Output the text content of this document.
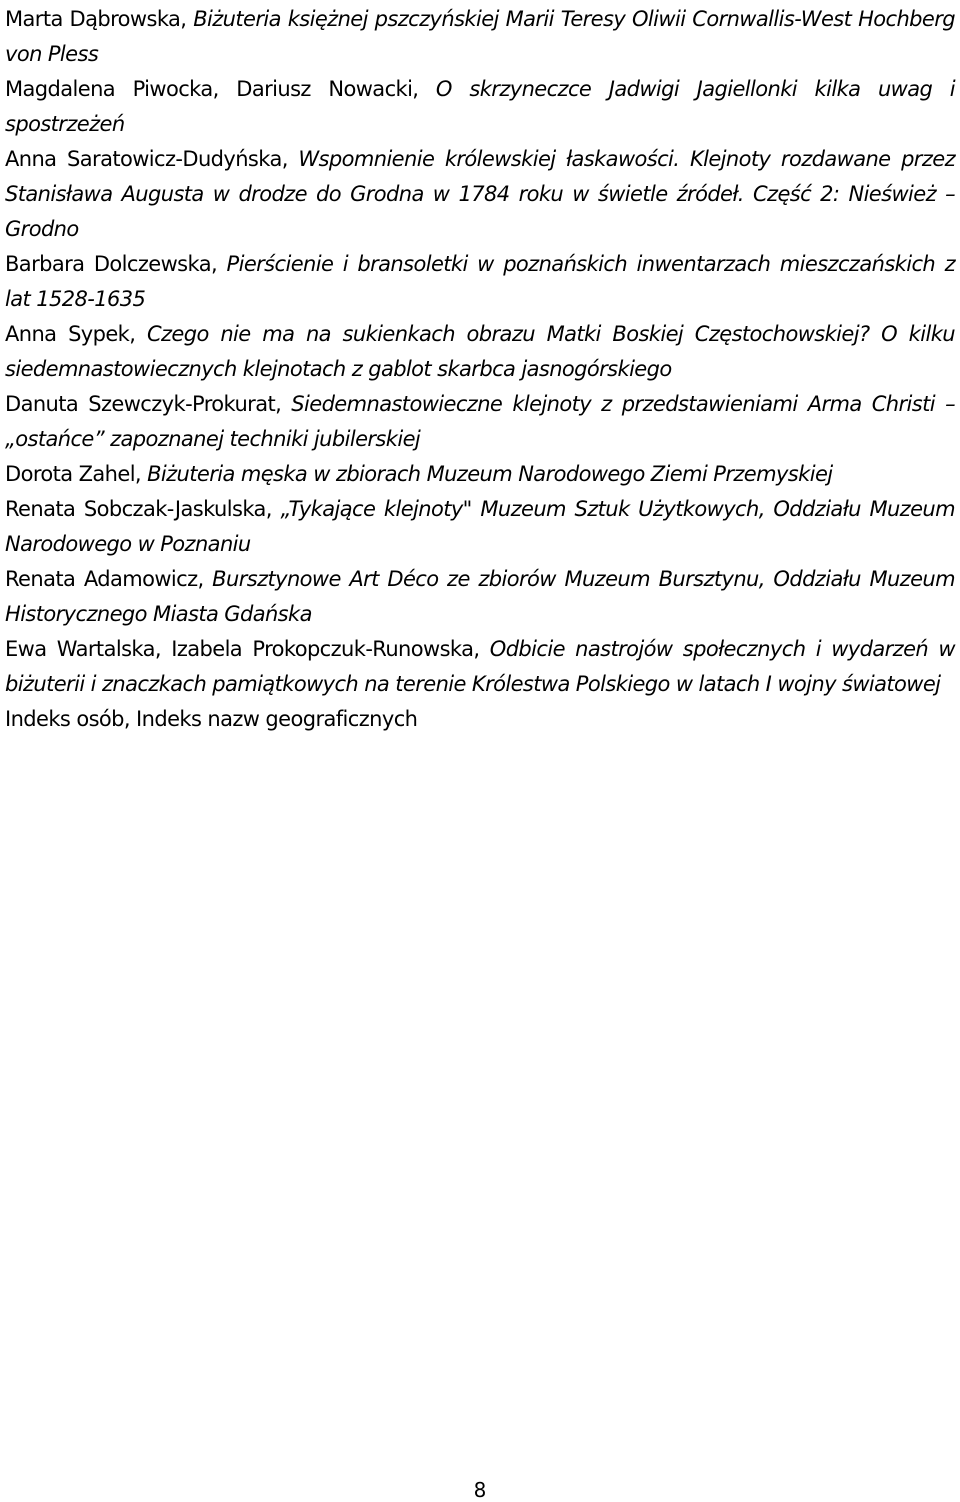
Marta Dąbrowska, Biżuteria księżnej pszczyńskiej Marii Teresy Oliwii Cornwallis-West Hochberg von Pless

Magdalena Piwocka, Dariusz Nowacki, O skrzyneczce Jadwigi Jagiellonki kilka uwag i spostrzeżeń

Anna Saratowicz-Dudyńska, Wspomnienie królewskiej łaskawości. Klejnoty rozdawane przez Stanisława Augusta w drodze do Grodna w 1784 roku w świetle źródeł. Część 2: Nieśwież – Grodno

Barbara Dolczewska, Pierścienie i bransoletki w poznańskich inwentarzach mieszczańskich z lat 1528-1635

Anna Sypek, Czego nie ma na sukienkach obrazu Matki Boskiej Częstochowskiej? O kilku siedemnastowiecznych klejnotach z gablot skarbca jasnogórskiego

Danuta Szewczyk-Prokurat, Siedemnastowieczne klejnoty z przedstawieniami Arma Christi – „ostańce” zapoznanej techniki jubilerskiej

Dorota Zahel, Biżuteria męska w zbiorach Muzeum Narodowego Ziemi Przemyskiej

Renata Sobczak-Jaskulska, „Tykające klejnoty" Muzeum Sztuk Użytkowych, Oddziału Muzeum Narodowego w Poznaniu

Renata Adamowicz, Bursztynowe Art Déco ze zbiorów Muzeum Bursztynu, Oddziału Muzeum Historycznego Miasta Gdańska

Ewa Wartalska, Izabela Prokopczuk-Runowska, Odbicie nastrojów społecznych i wydarzeń w biżuterii i znaczkach pamiątkowych na terenie Królestwa Polskiego w latach I wojny światowej

Indeks osób, Indeks nazw geograficznych

8
